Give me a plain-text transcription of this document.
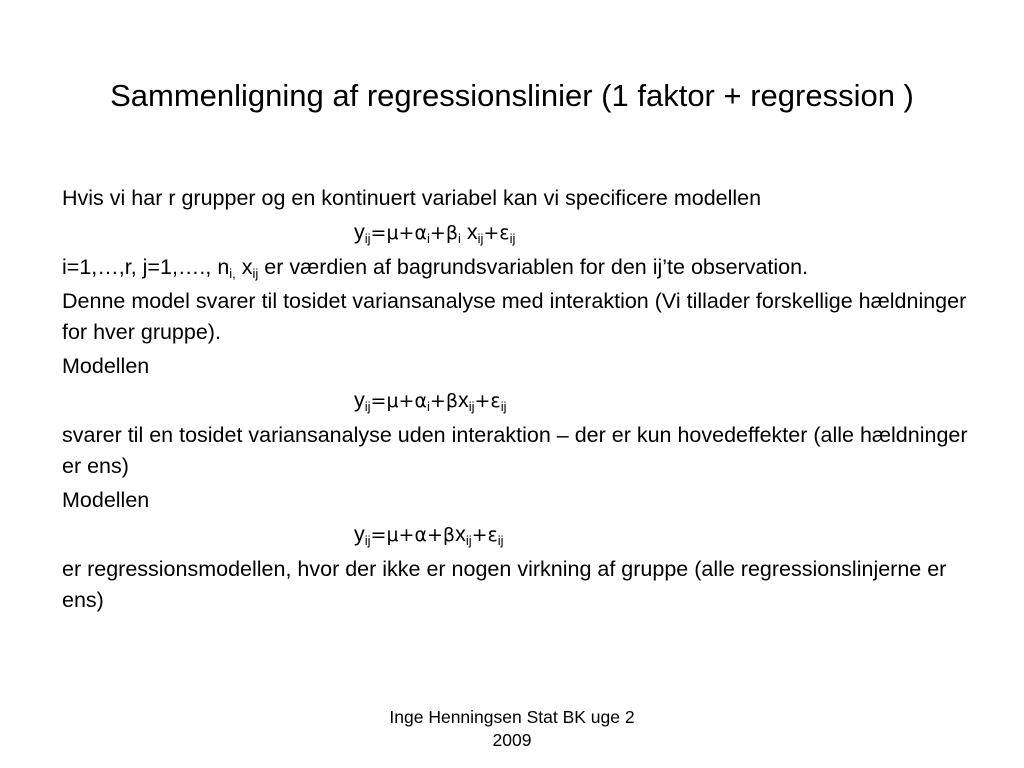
Sammenligning af regressionslinier (1 faktor + regression )

Hvis vi har r grupper og en kontinuert variabel kan vi specificere modellen

$y_{ij}=\mu+\alpha_i+\beta_i$ $x_{ij}+\varepsilon_{ij}$

i=1,…,r, j=1,…., $n_{i,}$ $x_{ij}$ er værdien af bagrundsvariablen for den ij’te observation.

Denne model svarer til tosidet variansanalyse med interaktion (Vi tillader forskellige hældninger for hver gruppe).

Modellen

$y_{ij}=\mu+\alpha_i+\beta x_{ij}+\varepsilon_{ij}$

svarer til en tosidet variansanalyse uden interaktion – der er kun hovedeffekter (alle hældninger er ens)

Modellen

$y_{ij}=\mu+\alpha+\beta x_{ij}+\varepsilon_{ij}$

er regressionsmodellen, hvor der ikke er nogen virkning af gruppe (alle regressionslinjerne er ens)

Inge Henningsen Stat BK uge 2
2009
